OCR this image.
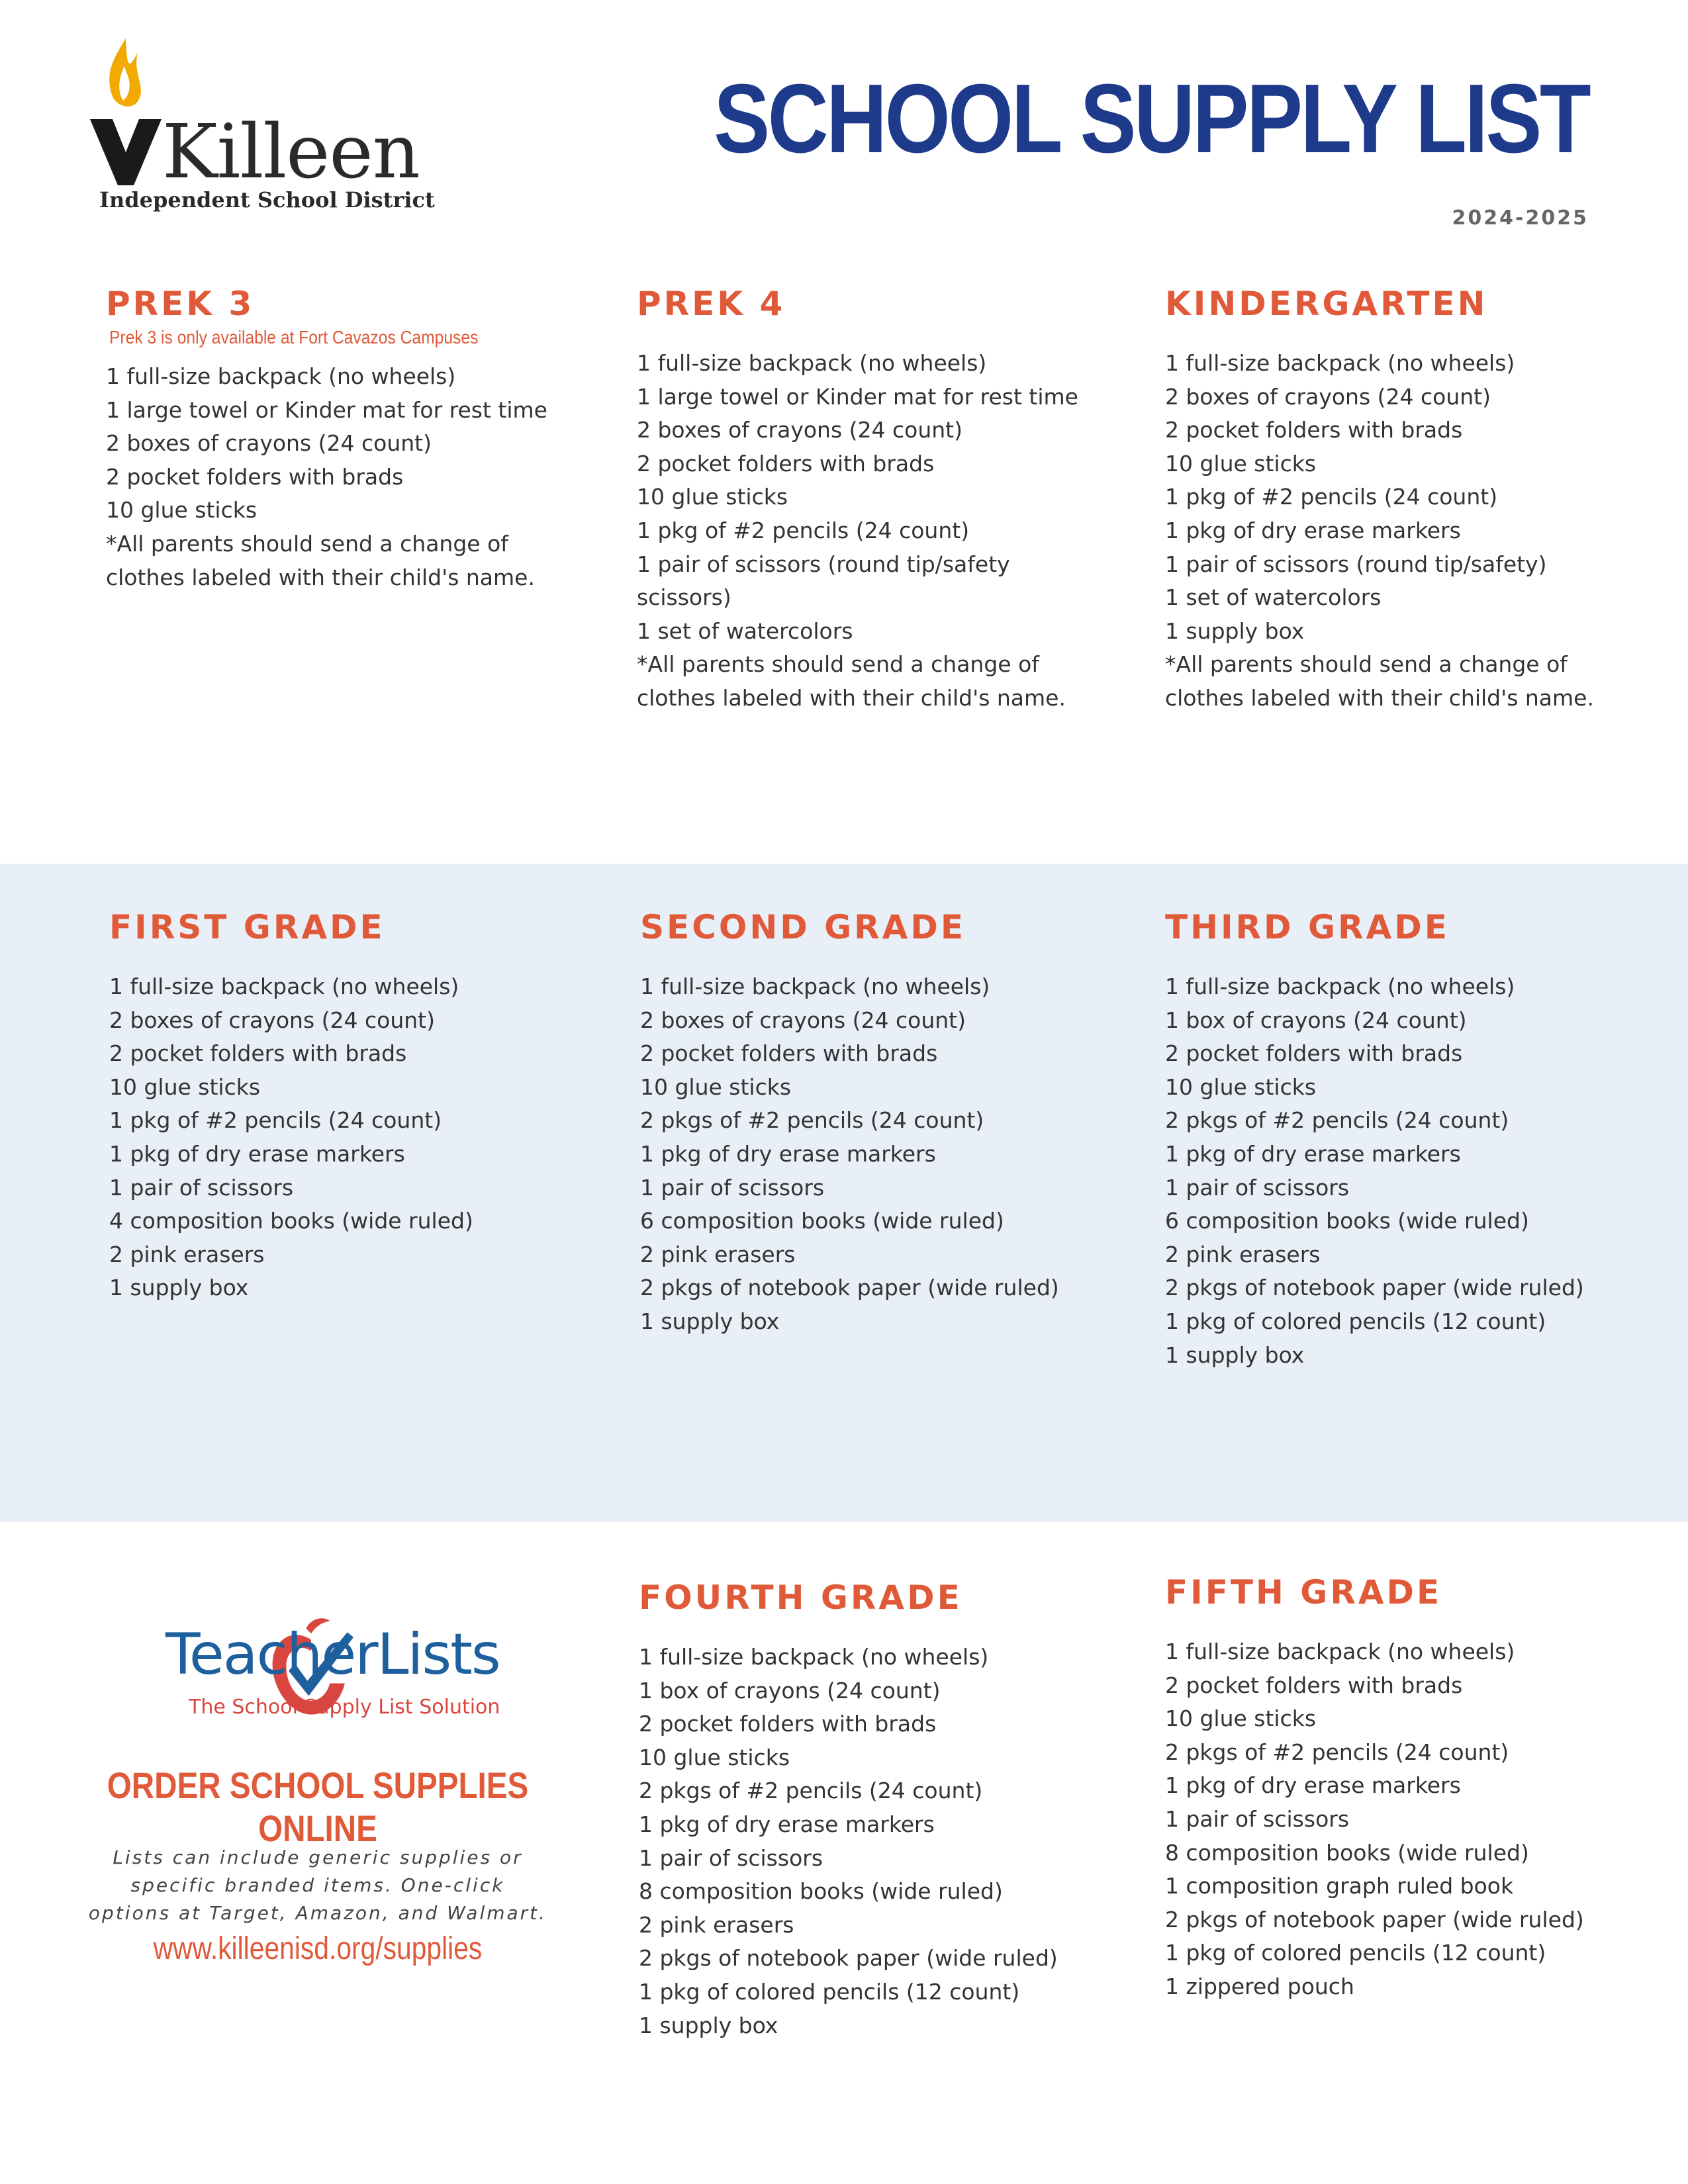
Killeen
Independent School District
SCHOOL SUPPLY LIST
2024-2025
PREK 3
Prek 3 is only available at Fort Cavazos Campuses
1 full-size backpack (no wheels)
1 large towel or Kinder mat for rest time
2 boxes of crayons (24 count)
2 pocket folders with brads
10 glue sticks
*All parents should send a change of
clothes labeled with their child's name.
PREK 4
1 full-size backpack (no wheels)
1 large towel or Kinder mat for rest time
2 boxes of crayons (24 count)
2 pocket folders with brads
10 glue sticks
1 pkg of #2 pencils (24 count)
1 pair of scissors (round tip/safety
scissors)
1 set of watercolors
*All parents should send a change of
clothes labeled with their child's name.
KINDERGARTEN
1 full-size backpack (no wheels)
2 boxes of crayons (24 count)
2 pocket folders with brads
10 glue sticks
1 pkg of #2 pencils (24 count)
1 pkg of dry erase markers
1 pair of scissors (round tip/safety)
1 set of watercolors
1 supply box
*All parents should send a change of
clothes labeled with their child's name.
FIRST GRADE
1 full-size backpack (no wheels)
2 boxes of crayons (24 count)
2 pocket folders with brads
10 glue sticks
1 pkg of #2 pencils (24 count)
1 pkg of dry erase markers
1 pair of scissors
4 composition books (wide ruled)
2 pink erasers
1 supply box
SECOND GRADE
1 full-size backpack (no wheels)
2 boxes of crayons (24 count)
2 pocket folders with brads
10 glue sticks
2 pkgs of #2 pencils (24 count)
1 pkg of dry erase markers
1 pair of scissors
6 composition books (wide ruled)
2 pink erasers
2 pkgs of notebook paper (wide ruled)
1 supply box
THIRD GRADE
1 full-size backpack (no wheels)
1 box of crayons (24 count)
2 pocket folders with brads
10 glue sticks
2 pkgs of #2 pencils (24 count)
1 pkg of dry erase markers
1 pair of scissors
6 composition books (wide ruled)
2 pink erasers
2 pkgs of notebook paper (wide ruled)
1 pkg of colored pencils (12 count)
1 supply box
TeacherLists
The School Supply List Solution
ORDER SCHOOL SUPPLIES ONLINE

Lists can include generic supplies or specific branded items. One-click options at Target, Amazon, and Walmart.

www.killeenisd.org/supplies
FOURTH GRADE
1 full-size backpack (no wheels)
1 box of crayons (24 count)
2 pocket folders with brads
10 glue sticks
2 pkgs of #2 pencils (24 count)
1 pkg of dry erase markers
1 pair of scissors
8 composition books (wide ruled)
2 pink erasers
2 pkgs of notebook paper (wide ruled)
1 pkg of colored pencils (12 count)
1 supply box
FIFTH GRADE
1 full-size backpack (no wheels)
2 pocket folders with brads
10 glue sticks
2 pkgs of #2 pencils (24 count)
1 pkg of dry erase markers
1 pair of scissors
8 composition books (wide ruled)
1 composition graph ruled book
2 pkgs of notebook paper (wide ruled)
1 pkg of colored pencils (12 count)
1 zippered pouch
